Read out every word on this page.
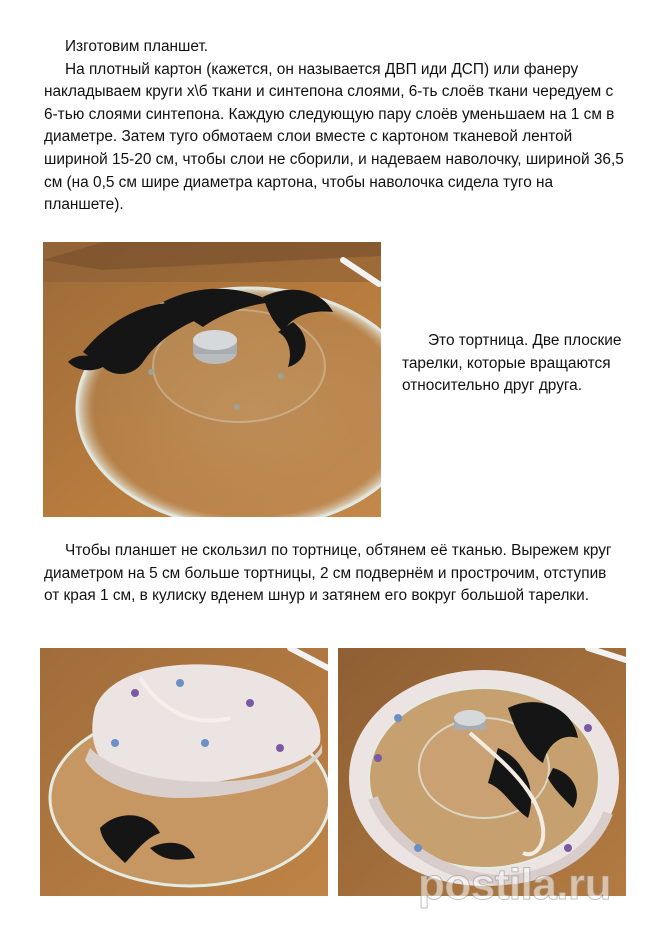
Изготовим планшет.
На плотный картон (кажется, он называется ДВП иди ДСП) или фанеру накладываем круги х\б ткани и синтепона слоями, 6-ть слоёв ткани чередуем с 6-тью слоями синтепона. Каждую следующую пару слоёв уменьшаем на 1 см в диаметре. Затем туго обмотаем слои вместе с картоном тканевой лентой шириной 15-20 см, чтобы слои не сборили, и надеваем наволочку, шириной 36,5 см (на 0,5 см шире диаметра картона, чтобы наволочка сидела туго на планшете).

Это тортница. Две плоские тарелки, которые вращаются относительно друг друга.

Чтобы планшет не скользил по тортнице, обтянем её тканью. Вырежем круг диаметром на 5 см больше тортницы, 2 см подвернём и прострочим, отступив от края 1 см, в кулиску вденем шнур и затянем его вокруг большой тарелки.

postila.ru
